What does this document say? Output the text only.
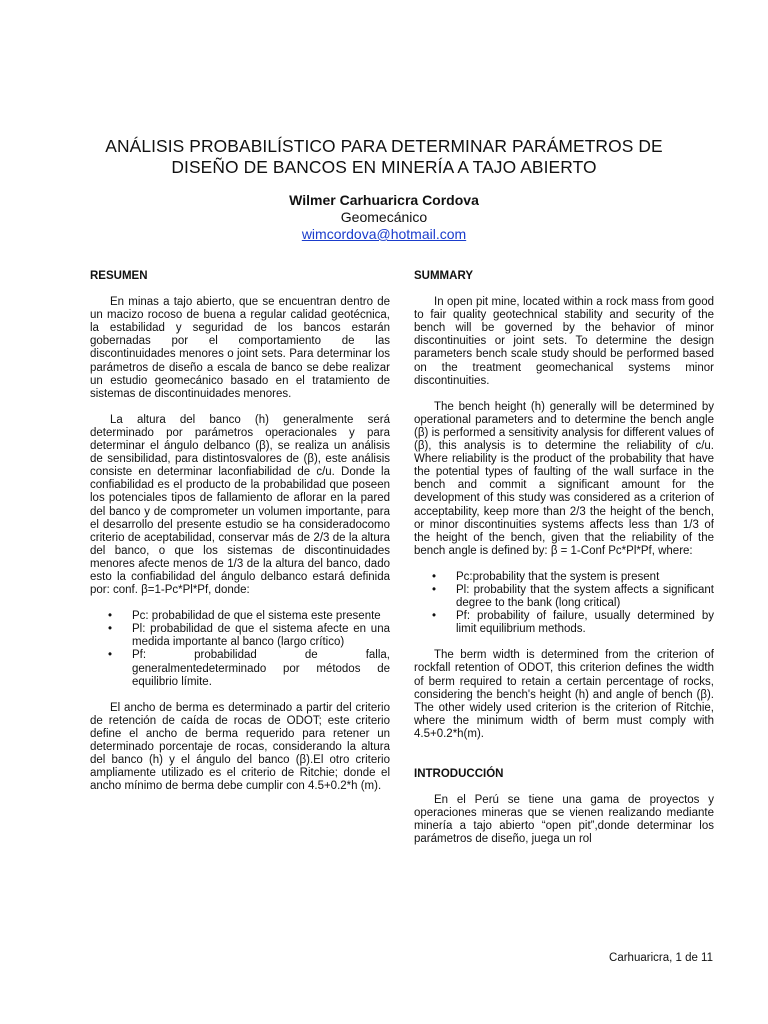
ANÁLISIS PROBABILÍSTICO PARA DETERMINAR PARÁMETROS DE
DISEÑO DE BANCOS EN MINERÍA A TAJO ABIERTO
Wilmer Carhuaricra Cordova
Geomecánico
wimcordova@hotmail.com
RESUMEN

En minas a tajo abierto, que se encuentran dentro de un macizo rocoso de buena a regular calidad geotécnica, la estabilidad y seguridad de los bancos estarán gobernadas por el comportamiento de las discontinuidades menores o joint sets. Para determinar los parámetros de diseño a escala de banco se debe realizar un estudio geomecánico basado en el tratamiento de sistemas de discontinuidades menores.

La altura del banco (h) generalmente será determinado por parámetros operacionales y para determinar el ángulo delbanco (β), se realiza un análisis de sensibilidad, para distintosvalores de (β), este análisis consiste en determinar laconfiabilidad de c/u. Donde la confiabilidad es el producto de la probabilidad que poseen los potenciales tipos de fallamiento de aflorar en la pared del banco y de comprometer un volumen importante, para el desarrollo del presente estudio se ha consideradocomo criterio de aceptabilidad, conservar más de 2/3 de la altura del banco, o que los sistemas de discontinuidades menores afecte menos de 1/3 de la altura del banco, dado esto la confiabilidad del ángulo delbanco estará definida por: conf. β=1-Pc*Pl*Pf, donde:

• Pc: probabilidad de que el sistema este presente
• Pl: probabilidad de que el sistema afecte en una medida importante al banco (largo crítico)
• Pf: probabilidad de falla, generalmentedeterminado por métodos de equilibrio límite.

El ancho de berma es determinado a partir del criterio de retención de caída de rocas de ODOT; este criterio define el ancho de berma requerido para retener un determinado porcentaje de rocas, considerando la altura del banco (h) y el ángulo del banco (β).El otro criterio ampliamente utilizado es el criterio de Ritchie; donde el ancho mínimo de berma debe cumplir con 4.5+0.2*h (m).

SUMMARY

In open pit mine, located within a rock mass from good to fair quality geotechnical stability and security of the bench will be governed by the behavior of minor discontinuities or joint sets. To determine the design parameters bench scale study should be performed based on the treatment geomechanical systems minor discontinuities.

The bench height (h) generally will be determined by operational parameters and to determine the bench angle (β) is performed a sensitivity analysis for different values of (β), this analysis is to determine the reliability of c/u. Where reliability is the product of the probability that have the potential types of faulting of the wall surface in the bench and commit a significant amount for the development of this study was considered as a criterion of acceptability, keep more than 2/3 the height of the bench, or minor discontinuities systems affects less than 1/3 of the height of the bench, given that the reliability of the bench angle is defined by: β = 1-Conf Pc*Pl*Pf, where:

• Pc:probability that the system is present
• Pl: probability that the system affects a significant degree to the bank (long critical)
• Pf: probability of failure, usually determined by limit equilibrium methods.

The berm width is determined from the criterion of rockfall retention of ODOT, this criterion defines the width of berm required to retain a certain percentage of rocks, considering the bench's height (h) and angle of bench (β). The other widely used criterion is the criterion of Ritchie, where the minimum width of berm must comply with 4.5+0.2*h(m).

INTRODUCCIÓN

En el Perú se tiene una gama de proyectos y operaciones mineras que se vienen realizando mediante minería a tajo abierto “open pit”,donde determinar los parámetros de diseño, juega un rol

Carhuaricra, 1 de 11
